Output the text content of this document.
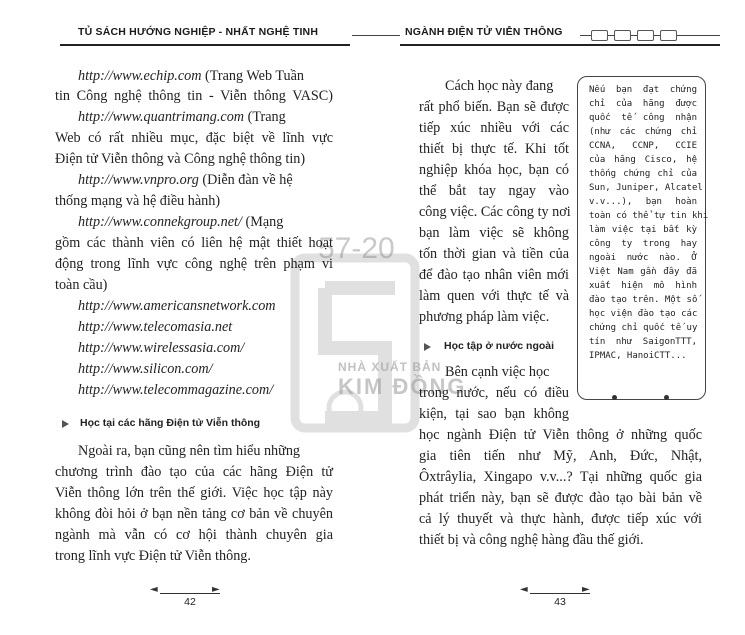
TỦ SÁCH HƯỚNG NGHIỆP - NHẤT NGHỆ TINH	NGÀNH ĐIỆN TỬ VIỄN THÔNG
57-20
NHÀ XUẤT BẢN
KIM ĐỒNG
http://www.echip.com (Trang Web Tuần
tin Công nghệ thông tin - Viễn thông VASC)
http://www.quantrimang.com (Trang
Web có rất nhiều mục, đặc biệt về lĩnh vực
Điện tử Viễn thông và Công nghệ thông tin)
http://www.vnpro.org (Diễn đàn về hệ
thống mạng và hệ điều hành)
http://www.connekgroup.net/ (Mạng
gồm các thành viên có liên hệ mật thiết hoạt
động trong lĩnh vực công nghệ trên phạm vi
toàn cầu)
http://www.americansnetwork.com
http://www.telecomasia.net
http://www.wirelessasia.com/
http://www.silicon.com/
http://www.telecommagazine.com/
Học tại các hãng Điện tử Viễn thông
Ngoài ra, bạn cũng nên tìm hiểu những
chương trình đào tạo của các hãng Điện tử
Viễn thông lớn trên thế giới. Việc học tập này
không đòi hỏi ở bạn nền tảng cơ bản về chuyên
ngành mà vẫn có cơ hội thành chuyên gia
trong lĩnh vực Điện tử Viễn thông.
◄	►
42
Cách học này đang
rất phổ biến. Bạn sẽ được
tiếp xúc nhiều với các
thiết bị thực tế. Khi tốt
nghiệp khóa học, bạn có
thể bắt tay ngay vào
công việc. Các công ty nơi
bạn làm việc sẽ không
tốn thời gian và tiền của
để đào tạo nhân viên mới
làm quen với thực tế và
phương pháp làm việc.
Học tập ở nước ngoài
Bên cạnh việc học
trong nước, nếu có điều
kiện, tại sao bạn không
học ngành Điện tử Viễn thông ở những quốc
gia tiên tiến như Mỹ, Anh, Đức, Nhật,
Ôxtrâylia, Xingapo v.v...? Tại những quốc gia
phát triển này, bạn sẽ được đào tạo bài bản về
cả lý thuyết và thực hành, được tiếp xúc với
thiết bị và công nghệ hàng đầu thế giới.
Nếu bạn đạt chứng
chỉ của hãng được
quốc tế công nhận
(như các chứng chỉ
CCNA, CCNP, CCIE
của hãng Cisco, hệ
thống chứng chỉ của
Sun, Juniper, Alcatel
v.v...), bạn hoàn
toàn có thể tự tin khi
làm việc tại bất kỳ
công ty trong hay
ngoài nước nào. Ở
Việt Nam gần đây đã
xuất hiện mô hình
đào tạo trên. Một số
học viện đào tạo các
chứng chỉ quốc tế uy
tín như SaigonTTT,
IPMAC, HanoiCTT...
◄	►
43
